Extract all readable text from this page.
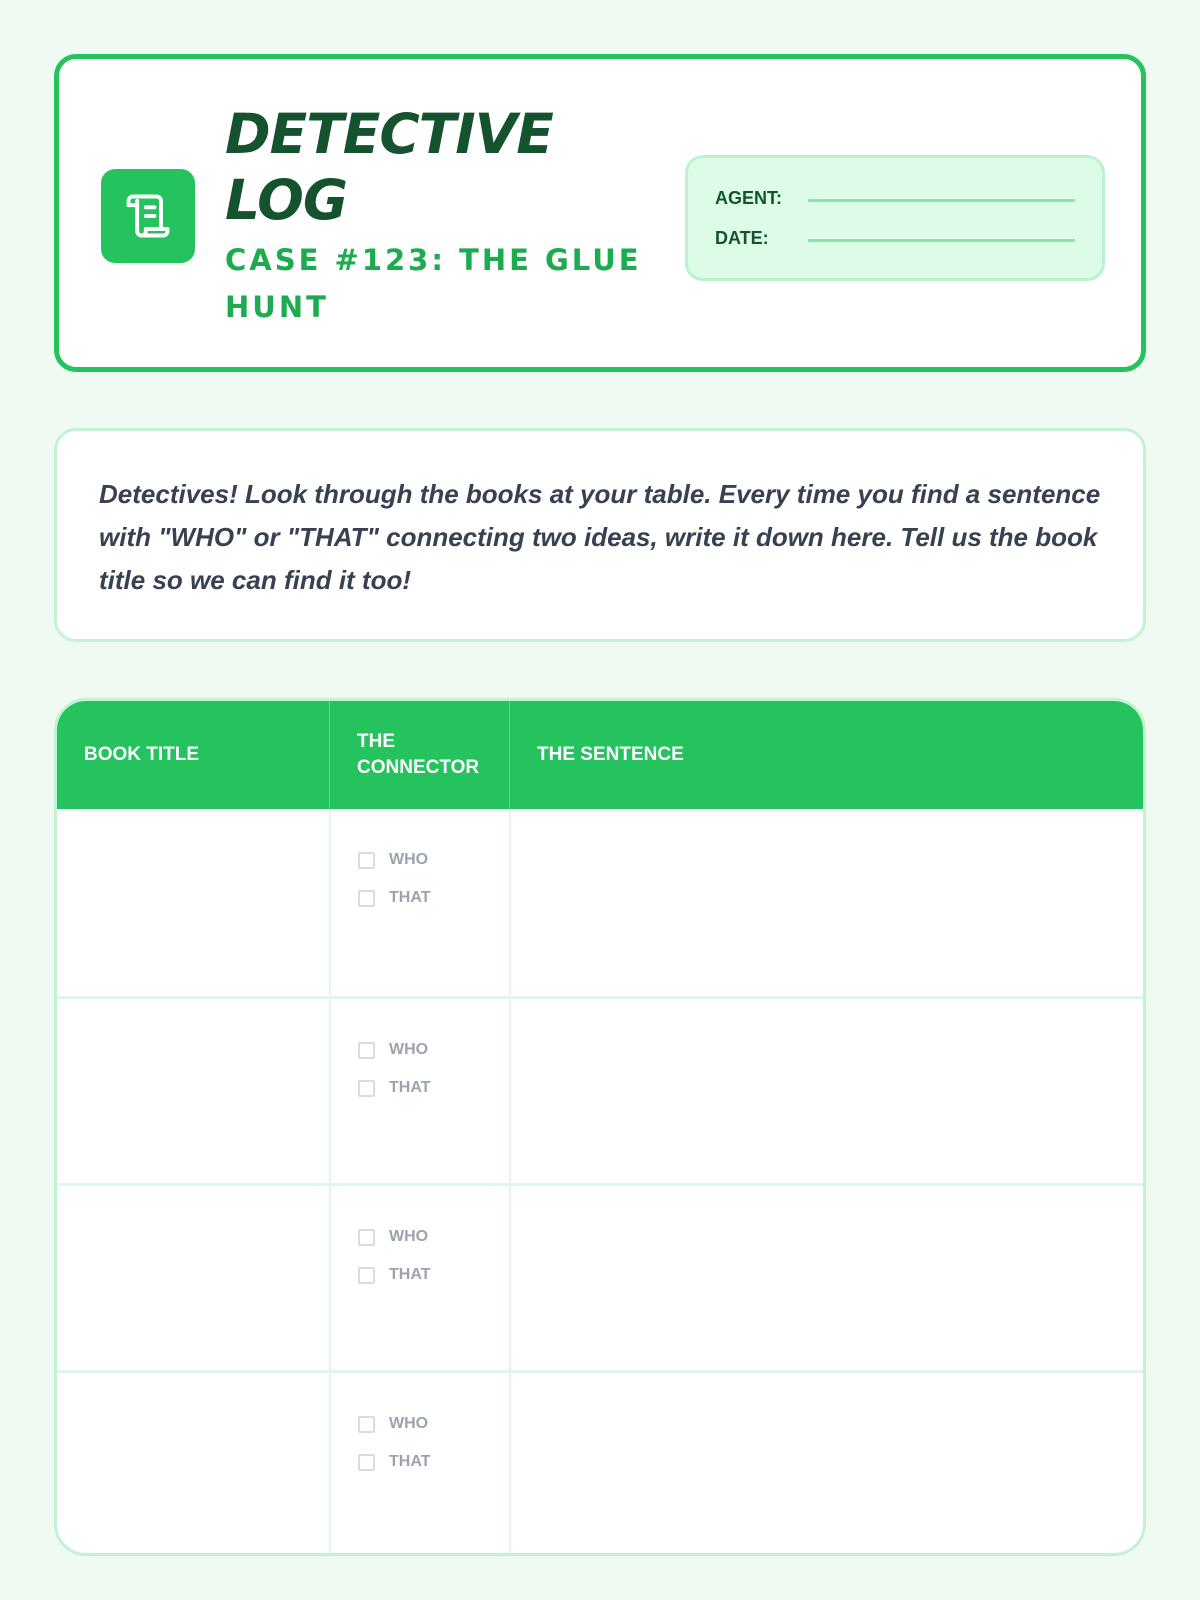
DETECTIVE LOG
CASE #123: THE GLUE HUNT
AGENT:
DATE:

Detectives! Look through the books at your table. Every time you find a sentence with "WHO" or "THAT" connecting two ideas, write it down here. Tell us the book title so we can find it too!

BOOK TITLE
THE CONNECTOR
THE SENTENCE
WHO
THAT
WHO
THAT
WHO
THAT
WHO
THAT
